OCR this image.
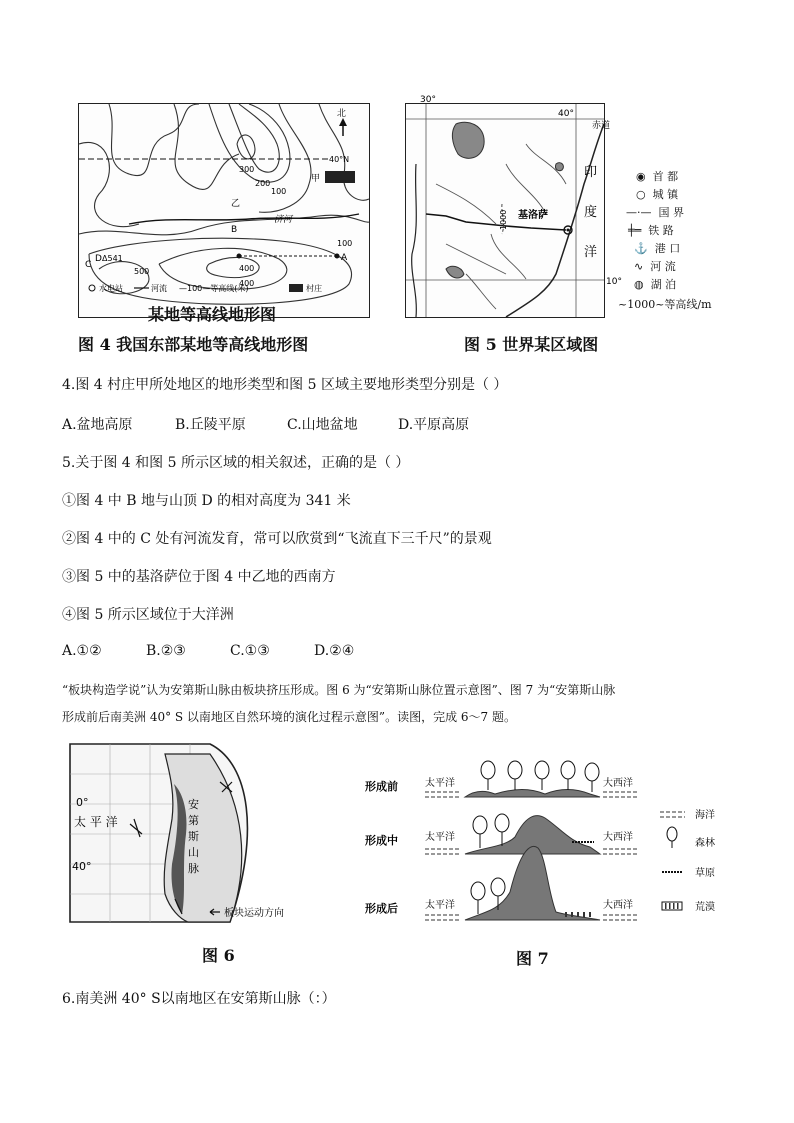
北
40°N
甲
乙
济河
A
B
C
D Δ541
300
200
100
100
400
400
500
水电站	河流 —100—等高线(米)	村庄
某地等高线地形图
图 4 我国东部某地等高线地形图
30°
40°
赤道
印
度
洋
10°
基洛萨
1000
◉ 首 都
○ 城 镇
—·— 国 界
╪═ 铁 路
⚓ 港 口
∿ 河 流
◍ 湖 泊
~1000~等高线/m
图 5 世界某区域图
4.图 4 村庄甲所处地区的地形类型和图 5 区域主要地形类型分别是（ ）
A.盆地高原	B.丘陵平原	C.山地盆地	D.平原高原
5.关于图 4 和图 5 所示区域的相关叙述，正确的是（ ）
①图 4 中 B 地与山顶 D 的相对高度为 341 米
②图 4 中的 C 处有河流发育，常可以欣赏到“飞流直下三千尺”的景观
③图 5 中的基洛萨位于图 4 中乙地的西南方
④图 5 所示区域位于大洋洲
A.①②	B.②③	C.①③	D.②④
“板块构造学说”认为安第斯山脉由板块挤压形成。图 6 为“安第斯山脉位置示意图”、图 7 为“安第斯山脉
形成前后南美洲 40° S 以南地区自然环境的演化过程示意图”。读图，完成 6～7 题。
0°
太 平 洋
40°
安
第
斯
山
脉
板块运动方向
图 6
形成前
形成中
形成后
太平洋	大西洋
太平洋	大西洋
太平洋	大西洋
海洋
森林
草原
荒漠
图 7
6.南美洲 40° S以南地区在安第斯山脉（：）
